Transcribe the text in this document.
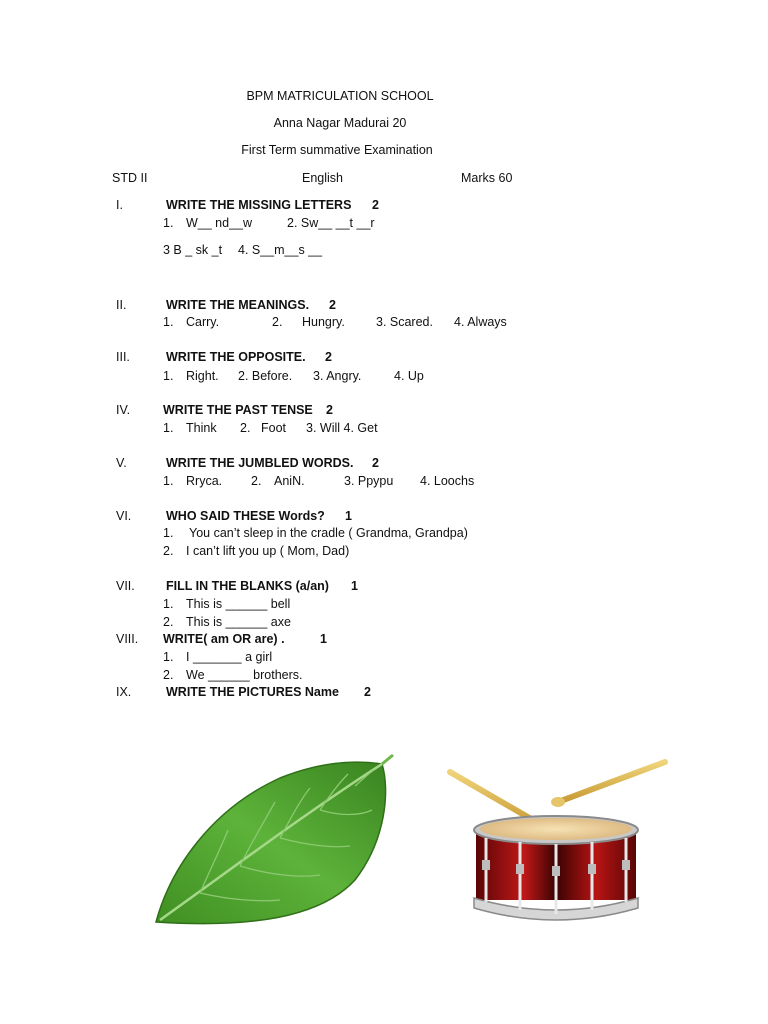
BPM MATRICULATION SCHOOL
Anna Nagar Madurai 20
First Term summative Examination
STD II	English	Marks 60
I.	WRITE THE MISSING LETTERS 2
1. W__ nd__w	2. Sw__ __t __r
3 B _ sk _t 4. S__m__s __
II.	WRITE THE MEANINGS. 2
1. Carry.	2. Hungry. 3. Scared. 4. Always
III.	WRITE THE OPPOSITE. 2
1. Right. 2. Before. 3. Angry.	4. Up
IV.	WRITE THE PAST TENSE 2
1. Think 2. Foot 3. Will 4. Get
V.	WRITE THE JUMBLED WORDS. 2
1. Rryca. 2. AniN.	3. Ppypu 4. Loochs
VI.	WHO SAID THESE Words? 1
1. You can’t sleep in the cradle ( Grandma, Grandpa)
2. I can’t lift you up ( Mom, Dad)
VII. FILL IN THE BLANKS (a/an) 1
1. This is ______ bell
2. This is ______ axe
VIII. WRITE( am OR are) .	1
1. I _______ a girl
2. We ______ brothers.
IX.	WRITE THE PICTURES Name 2
